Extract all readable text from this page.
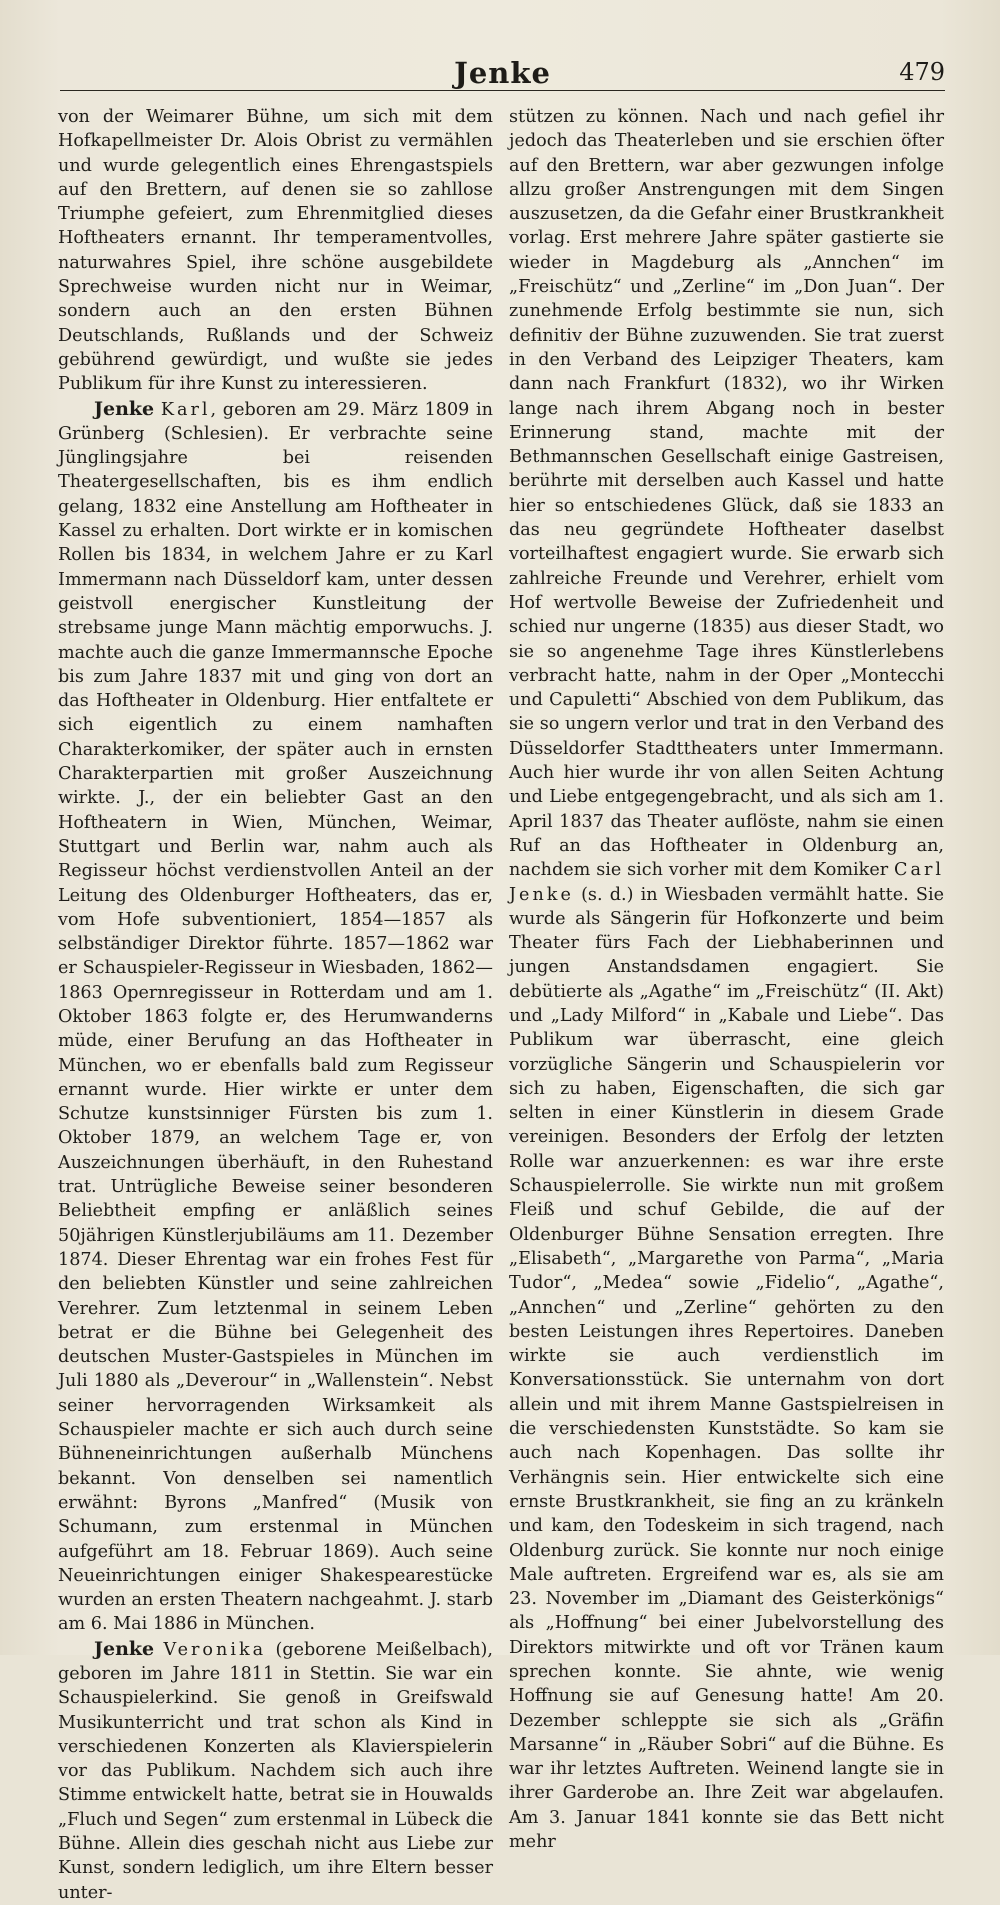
Jenke	479

von der Weimarer Bühne, um sich mit dem Hofkapellmeister Dr. Alois Obrist zu vermählen und wurde gelegentlich eines Ehrengastspiels auf den Brettern, auf denen sie so zahllose Triumphe gefeiert, zum Ehrenmitglied dieses Hoftheaters ernannt. Ihr temperamentvolles, naturwahres Spiel, ihre schöne ausgebildete Sprechweise wurden nicht nur in Weimar, sondern auch an den ersten Bühnen Deutschlands, Rußlands und der Schweiz gebührend gewürdigt, und wußte sie jedes Publikum für ihre Kunst zu interessieren.

Jenke Karl, geboren am 29. März 1809 in Grünberg (Schlesien). Er verbrachte seine Jünglingsjahre bei reisenden Theatergesellschaften, bis es ihm endlich gelang, 1832 eine Anstellung am Hoftheater in Kassel zu erhalten. Dort wirkte er in komischen Rollen bis 1834, in welchem Jahre er zu Karl Immermann nach Düsseldorf kam, unter dessen geistvoll energischer Kunstleitung der strebsame junge Mann mächtig emporwuchs. J. machte auch die ganze Immermannsche Epoche bis zum Jahre 1837 mit und ging von dort an das Hoftheater in Oldenburg. Hier entfaltete er sich eigentlich zu einem namhaften Charakterkomiker, der später auch in ernsten Charakterpartien mit großer Auszeichnung wirkte. J., der ein beliebter Gast an den Hoftheatern in Wien, München, Weimar, Stuttgart und Berlin war, nahm auch als Regisseur höchst verdienstvollen Anteil an der Leitung des Oldenburger Hoftheaters, das er, vom Hofe subventioniert, 1854—1857 als selbständiger Direktor führte. 1857—1862 war er Schauspieler-Regisseur in Wiesbaden, 1862—1863 Opernregisseur in Rotterdam und am 1. Oktober 1863 folgte er, des Herumwanderns müde, einer Berufung an das Hoftheater in München, wo er ebenfalls bald zum Regisseur ernannt wurde. Hier wirkte er unter dem Schutze kunstsinniger Fürsten bis zum 1. Oktober 1879, an welchem Tage er, von Auszeichnungen überhäuft, in den Ruhestand trat. Untrügliche Beweise seiner besonderen Beliebtheit empfing er anläßlich seines 50jährigen Künstlerjubiläums am 11. Dezember 1874. Dieser Ehrentag war ein frohes Fest für den beliebten Künstler und seine zahlreichen Verehrer. Zum letztenmal in seinem Leben betrat er die Bühne bei Gelegenheit des deutschen Muster-Gastspieles in München im Juli 1880 als „Deverour“ in „Wallenstein“. Nebst seiner hervorragenden Wirksamkeit als Schauspieler machte er sich auch durch seine Bühneneinrichtungen außerhalb Münchens bekannt. Von denselben sei namentlich erwähnt: Byrons „Manfred“ (Musik von Schumann, zum erstenmal in München aufgeführt am 18. Februar 1869). Auch seine Neueinrichtungen einiger Shakespearestücke wurden an ersten Theatern nachgeahmt. J. starb am 6. Mai 1886 in München.

Jenke Veronika (geborene Meißelbach), geboren im Jahre 1811 in Stettin. Sie war ein Schauspielerkind. Sie genoß in Greifswald Musikunterricht und trat schon als Kind in verschiedenen Konzerten als Klavierspielerin vor das Publikum. Nachdem sich auch ihre Stimme entwickelt hatte, betrat sie in Houwalds „Fluch und Segen“ zum erstenmal in Lübeck die Bühne. Allein dies geschah nicht aus Liebe zur Kunst, sondern lediglich, um ihre Eltern besser unter-

stützen zu können. Nach und nach gefiel ihr jedoch das Theaterleben und sie erschien öfter auf den Brettern, war aber gezwungen infolge allzu großer Anstrengungen mit dem Singen auszusetzen, da die Gefahr einer Brustkrankheit vorlag. Erst mehrere Jahre später gastierte sie wieder in Magdeburg als „Annchen“ im „Freischütz“ und „Zerline“ im „Don Juan“. Der zunehmende Erfolg bestimmte sie nun, sich definitiv der Bühne zuzuwenden. Sie trat zuerst in den Verband des Leipziger Theaters, kam dann nach Frankfurt (1832), wo ihr Wirken lange nach ihrem Abgang noch in bester Erinnerung stand, machte mit der Bethmannschen Gesellschaft einige Gastreisen, berührte mit derselben auch Kassel und hatte hier so entschiedenes Glück, daß sie 1833 an das neu gegründete Hoftheater daselbst vorteilhaftest engagiert wurde. Sie erwarb sich zahlreiche Freunde und Verehrer, erhielt vom Hof wertvolle Beweise der Zufriedenheit und schied nur ungerne (1835) aus dieser Stadt, wo sie so angenehme Tage ihres Künstlerlebens verbracht hatte, nahm in der Oper „Montecchi und Capuletti“ Abschied von dem Publikum, das sie so ungern verlor und trat in den Verband des Düsseldorfer Stadttheaters unter Immermann. Auch hier wurde ihr von allen Seiten Achtung und Liebe entgegengebracht, und als sich am 1. April 1837 das Theater auflöste, nahm sie einen Ruf an das Hoftheater in Oldenburg an, nachdem sie sich vorher mit dem Komiker Carl Jenke (s. d.) in Wiesbaden vermählt hatte. Sie wurde als Sängerin für Hofkonzerte und beim Theater fürs Fach der Liebhaberinnen und jungen Anstandsdamen engagiert. Sie debütierte als „Agathe“ im „Freischütz“ (II. Akt) und „Lady Milford“ in „Kabale und Liebe“. Das Publikum war überrascht, eine gleich vorzügliche Sängerin und Schauspielerin vor sich zu haben, Eigenschaften, die sich gar selten in einer Künstlerin in diesem Grade vereinigen. Besonders der Erfolg der letzten Rolle war anzuerkennen: es war ihre erste Schauspielerrolle. Sie wirkte nun mit großem Fleiß und schuf Gebilde, die auf der Oldenburger Bühne Sensation erregten. Ihre „Elisabeth“, „Margarethe von Parma“, „Maria Tudor“, „Medea“ sowie „Fidelio“, „Agathe“, „Annchen“ und „Zerline“ gehörten zu den besten Leistungen ihres Repertoires. Daneben wirkte sie auch verdienstlich im Konversationsstück. Sie unternahm von dort allein und mit ihrem Manne Gastspielreisen in die verschiedensten Kunststädte. So kam sie auch nach Kopenhagen. Das sollte ihr Verhängnis sein. Hier entwickelte sich eine ernste Brustkrankheit, sie fing an zu kränkeln und kam, den Todeskeim in sich tragend, nach Oldenburg zurück. Sie konnte nur noch einige Male auftreten. Ergreifend war es, als sie am 23. November im „Diamant des Geisterkönigs“ als „Hoffnung“ bei einer Jubelvorstellung des Direktors mitwirkte und oft vor Tränen kaum sprechen konnte. Sie ahnte, wie wenig Hoffnung sie auf Genesung hatte! Am 20. Dezember schleppte sie sich als „Gräfin Marsanne“ in „Räuber Sobri“ auf die Bühne. Es war ihr letztes Auftreten. Weinend langte sie in ihrer Garderobe an. Ihre Zeit war abgelaufen. Am 3. Januar 1841 konnte sie das Bett nicht mehr
